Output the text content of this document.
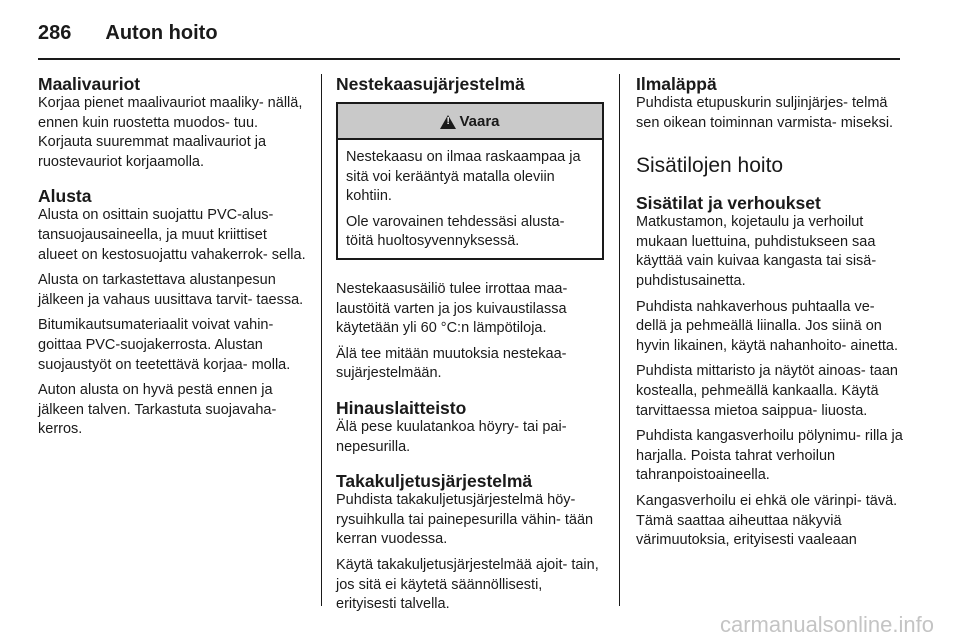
286 Auton hoito
Maalivauriot

Korjaa pienet maalivauriot maaliky- nällä, ennen kuin ruostetta muodos- tuu. Korjauta suuremmat maalivauriot ja ruostevauriot korjaamolla.

Alusta

Alusta on osittain suojattu PVC-alus- tansuojausaineella, ja muut kriittiset alueet on kestosuojattu vahakerrok- sella.

Alusta on tarkastettava alustanpesun jälkeen ja vahaus uusittava tarvit- taessa.

Bitumikautsumateriaalit voivat vahin- goittaa PVC-suojakerrosta. Alustan suojaustyöt on teetettävä korjaa- molla.

Auton alusta on hyvä pestä ennen ja jälkeen talven. Tarkastuta suojavaha- kerros.

Nestekaasujärjestelmä
!
Vaara

Nestekaasu on ilmaa raskaampaa ja sitä voi kerääntyä matalla oleviin kohtiin.

Ole varovainen tehdessäsi alusta- töitä huoltosyvennyksessä.

Nestekaasusäiliö tulee irrottaa maa- laustöitä varten ja jos kuivaustilassa käytetään yli 60 °C:n lämpötiloja.

Älä tee mitään muutoksia nestekaa- sujärjestelmään.

Hinauslaitteisto

Älä pese kuulatankoa höyry- tai pai- nepesurilla.

Takakuljetusjärjestelmä

Puhdista takakuljetusjärjestelmä höy- rysuihkulla tai painepesurilla vähin- tään kerran vuodessa.

Käytä takakuljetusjärjestelmää ajoit- tain, jos sitä ei käytetä säännöllisesti, erityisesti talvella.

Ilmaläppä

Puhdista etupuskurin suljinjärjes- telmä sen oikean toiminnan varmista- miseksi.

Sisätilojen hoito
Sisätilat ja verhoukset

Matkustamon, kojetaulu ja verhoilut mukaan luettuina, puhdistukseen saa käyttää vain kuivaa kangasta tai sisä- puhdistusainetta.

Puhdista nahkaverhous puhtaalla ve- dellä ja pehmeällä liinalla. Jos siinä on hyvin likainen, käytä nahanhoito- ainetta.

Puhdista mittaristo ja näytöt ainoas- taan kostealla, pehmeällä kankaalla. Käytä tarvittaessa mietoa saippua- liuosta.

Puhdista kangasverhoilu pölynimu- rilla ja harjalla. Poista tahrat verhoilun tahranpoistoaineella.

Kangasverhoilu ei ehkä ole värinpi- tävä. Tämä saattaa aiheuttaa näkyviä värimuutoksia, erityisesti vaaleaan

carmanualsonline.info
